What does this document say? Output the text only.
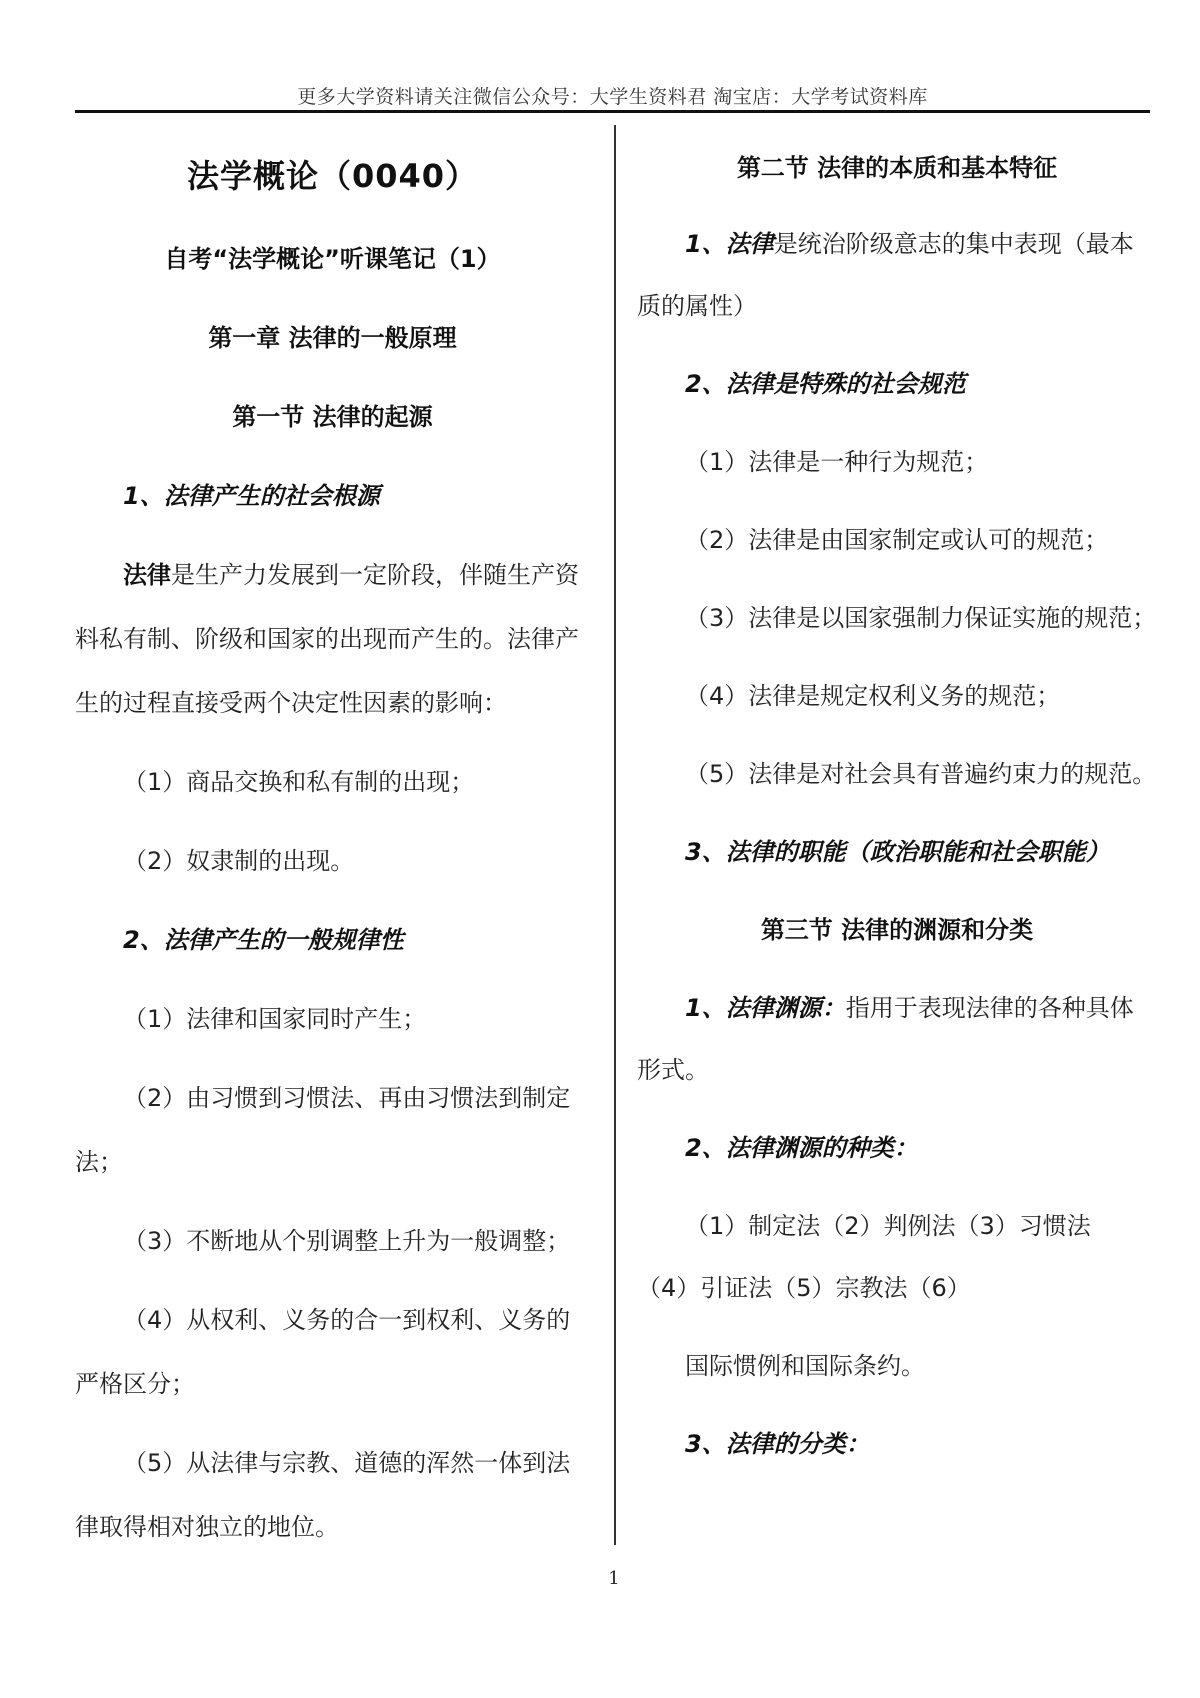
更多大学资料请关注微信公众号：大学生资料君 淘宝店：大学考试资料库

法学概论（0040）

自考“法学概论”听课笔记（1）

第一章 法律的一般原理

第一节 法律的起源

1、法律产生的社会根源

法律是生产力发展到一定阶段，伴随生产资

料私有制、阶级和国家的出现而产生的。法律产

生的过程直接受两个决定性因素的影响：

（1）商品交换和私有制的出现；

（2）奴隶制的出现。

2、法律产生的一般规律性

（1）法律和国家同时产生；

（2）由习惯到习惯法、再由习惯法到制定

法；

（3）不断地从个别调整上升为一般调整；

（4）从权利、义务的合一到权利、义务的

严格区分；

（5）从法律与宗教、道德的浑然一体到法

律取得相对独立的地位。

第二节 法律的本质和基本特征

1、法律是统治阶级意志的集中表现（最本

质的属性）

2、法律是特殊的社会规范

（1）法律是一种行为规范；

（2）法律是由国家制定或认可的规范；

（3）法律是以国家强制力保证实施的规范；

（4）法律是规定权利义务的规范；

（5）法律是对社会具有普遍约束力的规范。

3、法律的职能（政治职能和社会职能）

第三节 法律的渊源和分类

1、法律渊源：指用于表现法律的各种具体

形式。

2、法律渊源的种类：

（1）制定法（2）判例法（3）习惯法

（4）引证法（5）宗教法（6）

国际惯例和国际条约。

3、法律的分类：

1
